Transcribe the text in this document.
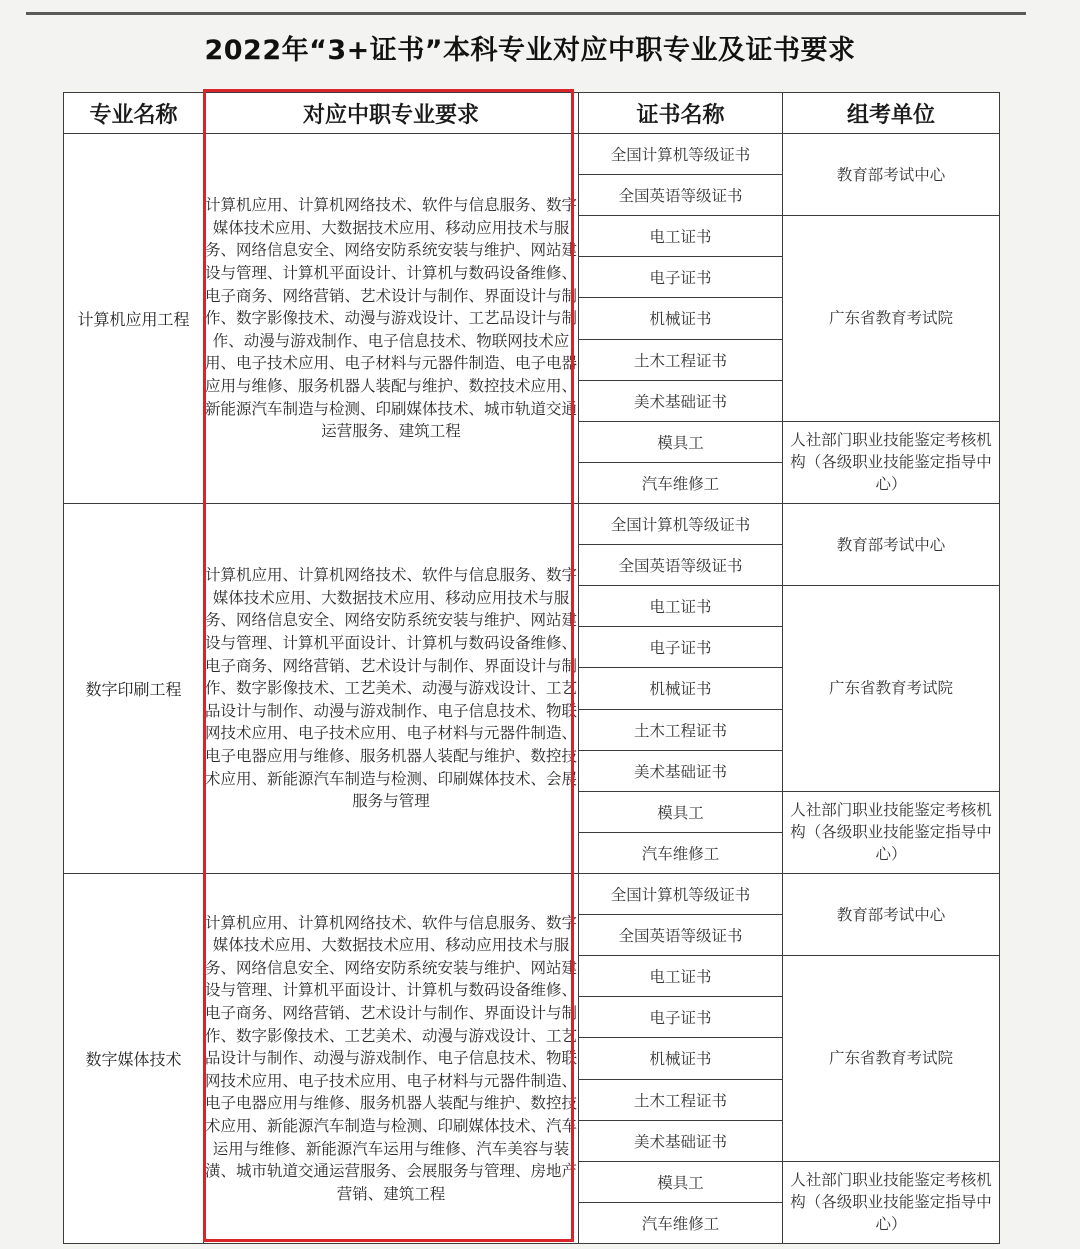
2022年“3+证书”本科专业对应中职专业及证书要求
专业名称	对应中职专业要求	证书名称	组考单位
计算机应用工程	计算机应用、计算机网络技术、软件与信息服务、数字媒体技术应用、大数据技术应用、移动应用技术与服务、网络信息安全、网络安防系统安装与维护、网站建设与管理、计算机平面设计、计算机与数码设备维修、电子商务、网络营销、艺术设计与制作、界面设计与制作、数字影像技术、动漫与游戏设计、工艺品设计与制作、动漫与游戏制作、电子信息技术、物联网技术应用、电子技术应用、电子材料与元器件制造、电子电器应用与维修、服务机器人装配与维护、数控技术应用、新能源汽车制造与检测、印刷媒体技术、城市轨道交通运营服务、建筑工程	全国计算机等级证书	教育部考试中心
		全国英语等级证书	
		电工证书	广东省教育考试院
		电子证书	
		机械证书	
		土木工程证书	
		美术基础证书	
		模具工	人社部门职业技能鉴定考核机构（各级职业技能鉴定指导中心）
		汽车维修工	
数字印刷工程	计算机应用、计算机网络技术、软件与信息服务、数字媒体技术应用、大数据技术应用、移动应用技术与服务、网络信息安全、网络安防系统安装与维护、网站建设与管理、计算机平面设计、计算机与数码设备维修、电子商务、网络营销、艺术设计与制作、界面设计与制作、数字影像技术、工艺美术、动漫与游戏设计、工艺品设计与制作、动漫与游戏制作、电子信息技术、物联网技术应用、电子技术应用、电子材料与元器件制造、电子电器应用与维修、服务机器人装配与维护、数控技术应用、新能源汽车制造与检测、印刷媒体技术、会展服务与管理	全国计算机等级证书	教育部考试中心
		全国英语等级证书	
		电工证书	广东省教育考试院
		电子证书	
		机械证书	
		土木工程证书	
		美术基础证书	
		模具工	人社部门职业技能鉴定考核机构（各级职业技能鉴定指导中心）
		汽车维修工	
数字媒体技术	计算机应用、计算机网络技术、软件与信息服务、数字媒体技术应用、大数据技术应用、移动应用技术与服务、网络信息安全、网络安防系统安装与维护、网站建设与管理、计算机平面设计、计算机与数码设备维修、电子商务、网络营销、艺术设计与制作、界面设计与制作、数字影像技术、工艺美术、动漫与游戏设计、工艺品设计与制作、动漫与游戏制作、电子信息技术、物联网技术应用、电子技术应用、电子材料与元器件制造、电子电器应用与维修、服务机器人装配与维护、数控技术应用、新能源汽车制造与检测、印刷媒体技术、汽车运用与维修、新能源汽车运用与维修、汽车美容与装潢、城市轨道交通运营服务、会展服务与管理、房地产营销、建筑工程	全国计算机等级证书	教育部考试中心
		全国英语等级证书	
		电工证书	广东省教育考试院
		电子证书	
		机械证书	
		土木工程证书	
		美术基础证书	
		模具工	人社部门职业技能鉴定考核机构（各级职业技能鉴定指导中心）
		汽车维修工	
